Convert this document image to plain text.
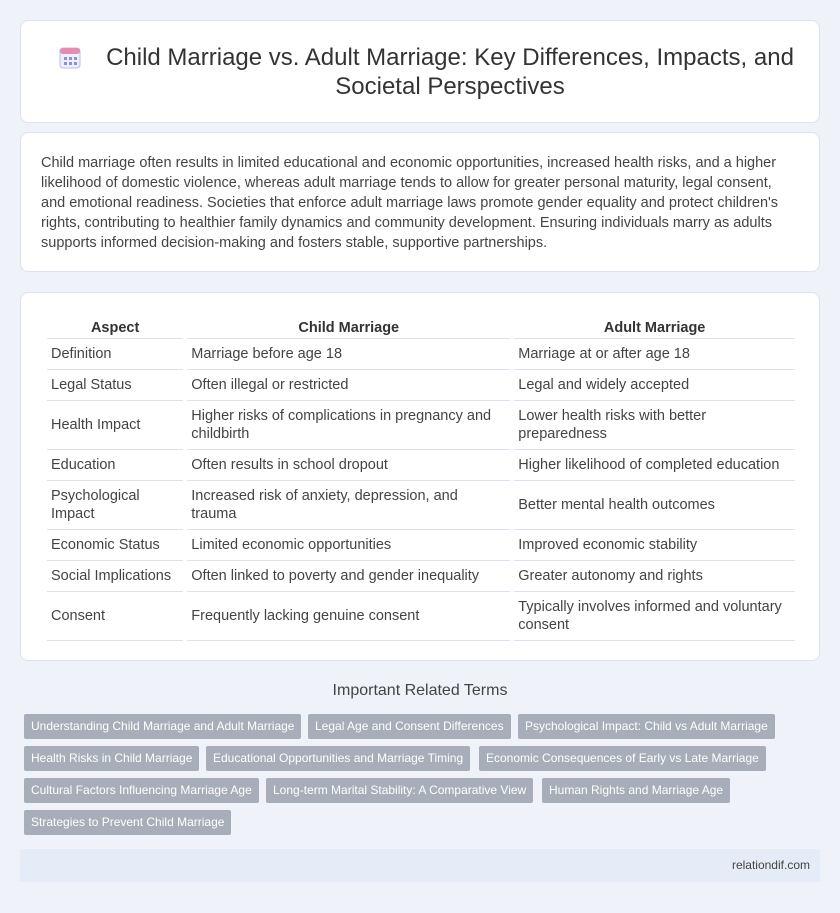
Child Marriage vs. Adult Marriage: Key Differences, Impacts, and Societal Perspectives

Child marriage often results in limited educational and economic opportunities, increased health risks, and a higher likelihood of domestic violence, whereas adult marriage tends to allow for greater personal maturity, legal consent, and emotional readiness. Societies that enforce adult marriage laws promote gender equality and protect children's rights, contributing to healthier family dynamics and community development. Ensuring individuals marry as adults supports informed decision-making and fosters stable, supportive partnerships.

Aspect	Child Marriage	Adult Marriage
Definition	Marriage before age 18	Marriage at or after age 18
Legal Status	Often illegal or restricted	Legal and widely accepted
Health Impact	Higher risks of complications in pregnancy and childbirth	Lower health risks with better preparedness
Education	Often results in school dropout	Higher likelihood of completed education
Psychological Impact	Increased risk of anxiety, depression, and trauma	Better mental health outcomes
Economic Status	Limited economic opportunities	Improved economic stability
Social Implications	Often linked to poverty and gender inequality	Greater autonomy and rights
Consent	Frequently lacking genuine consent	Typically involves informed and voluntary consent
Important Related Terms
Understanding Child Marriage and Adult Marriage	Legal Age and Consent Differences	Psychological Impact: Child vs Adult Marriage
Health Risks in Child Marriage	Educational Opportunities and Marriage Timing	Economic Consequences of Early vs Late Marriage
Cultural Factors Influencing Marriage Age	Long-term Marital Stability: A Comparative View	Human Rights and Marriage Age
Strategies to Prevent Child Marriage
relationdif.com
